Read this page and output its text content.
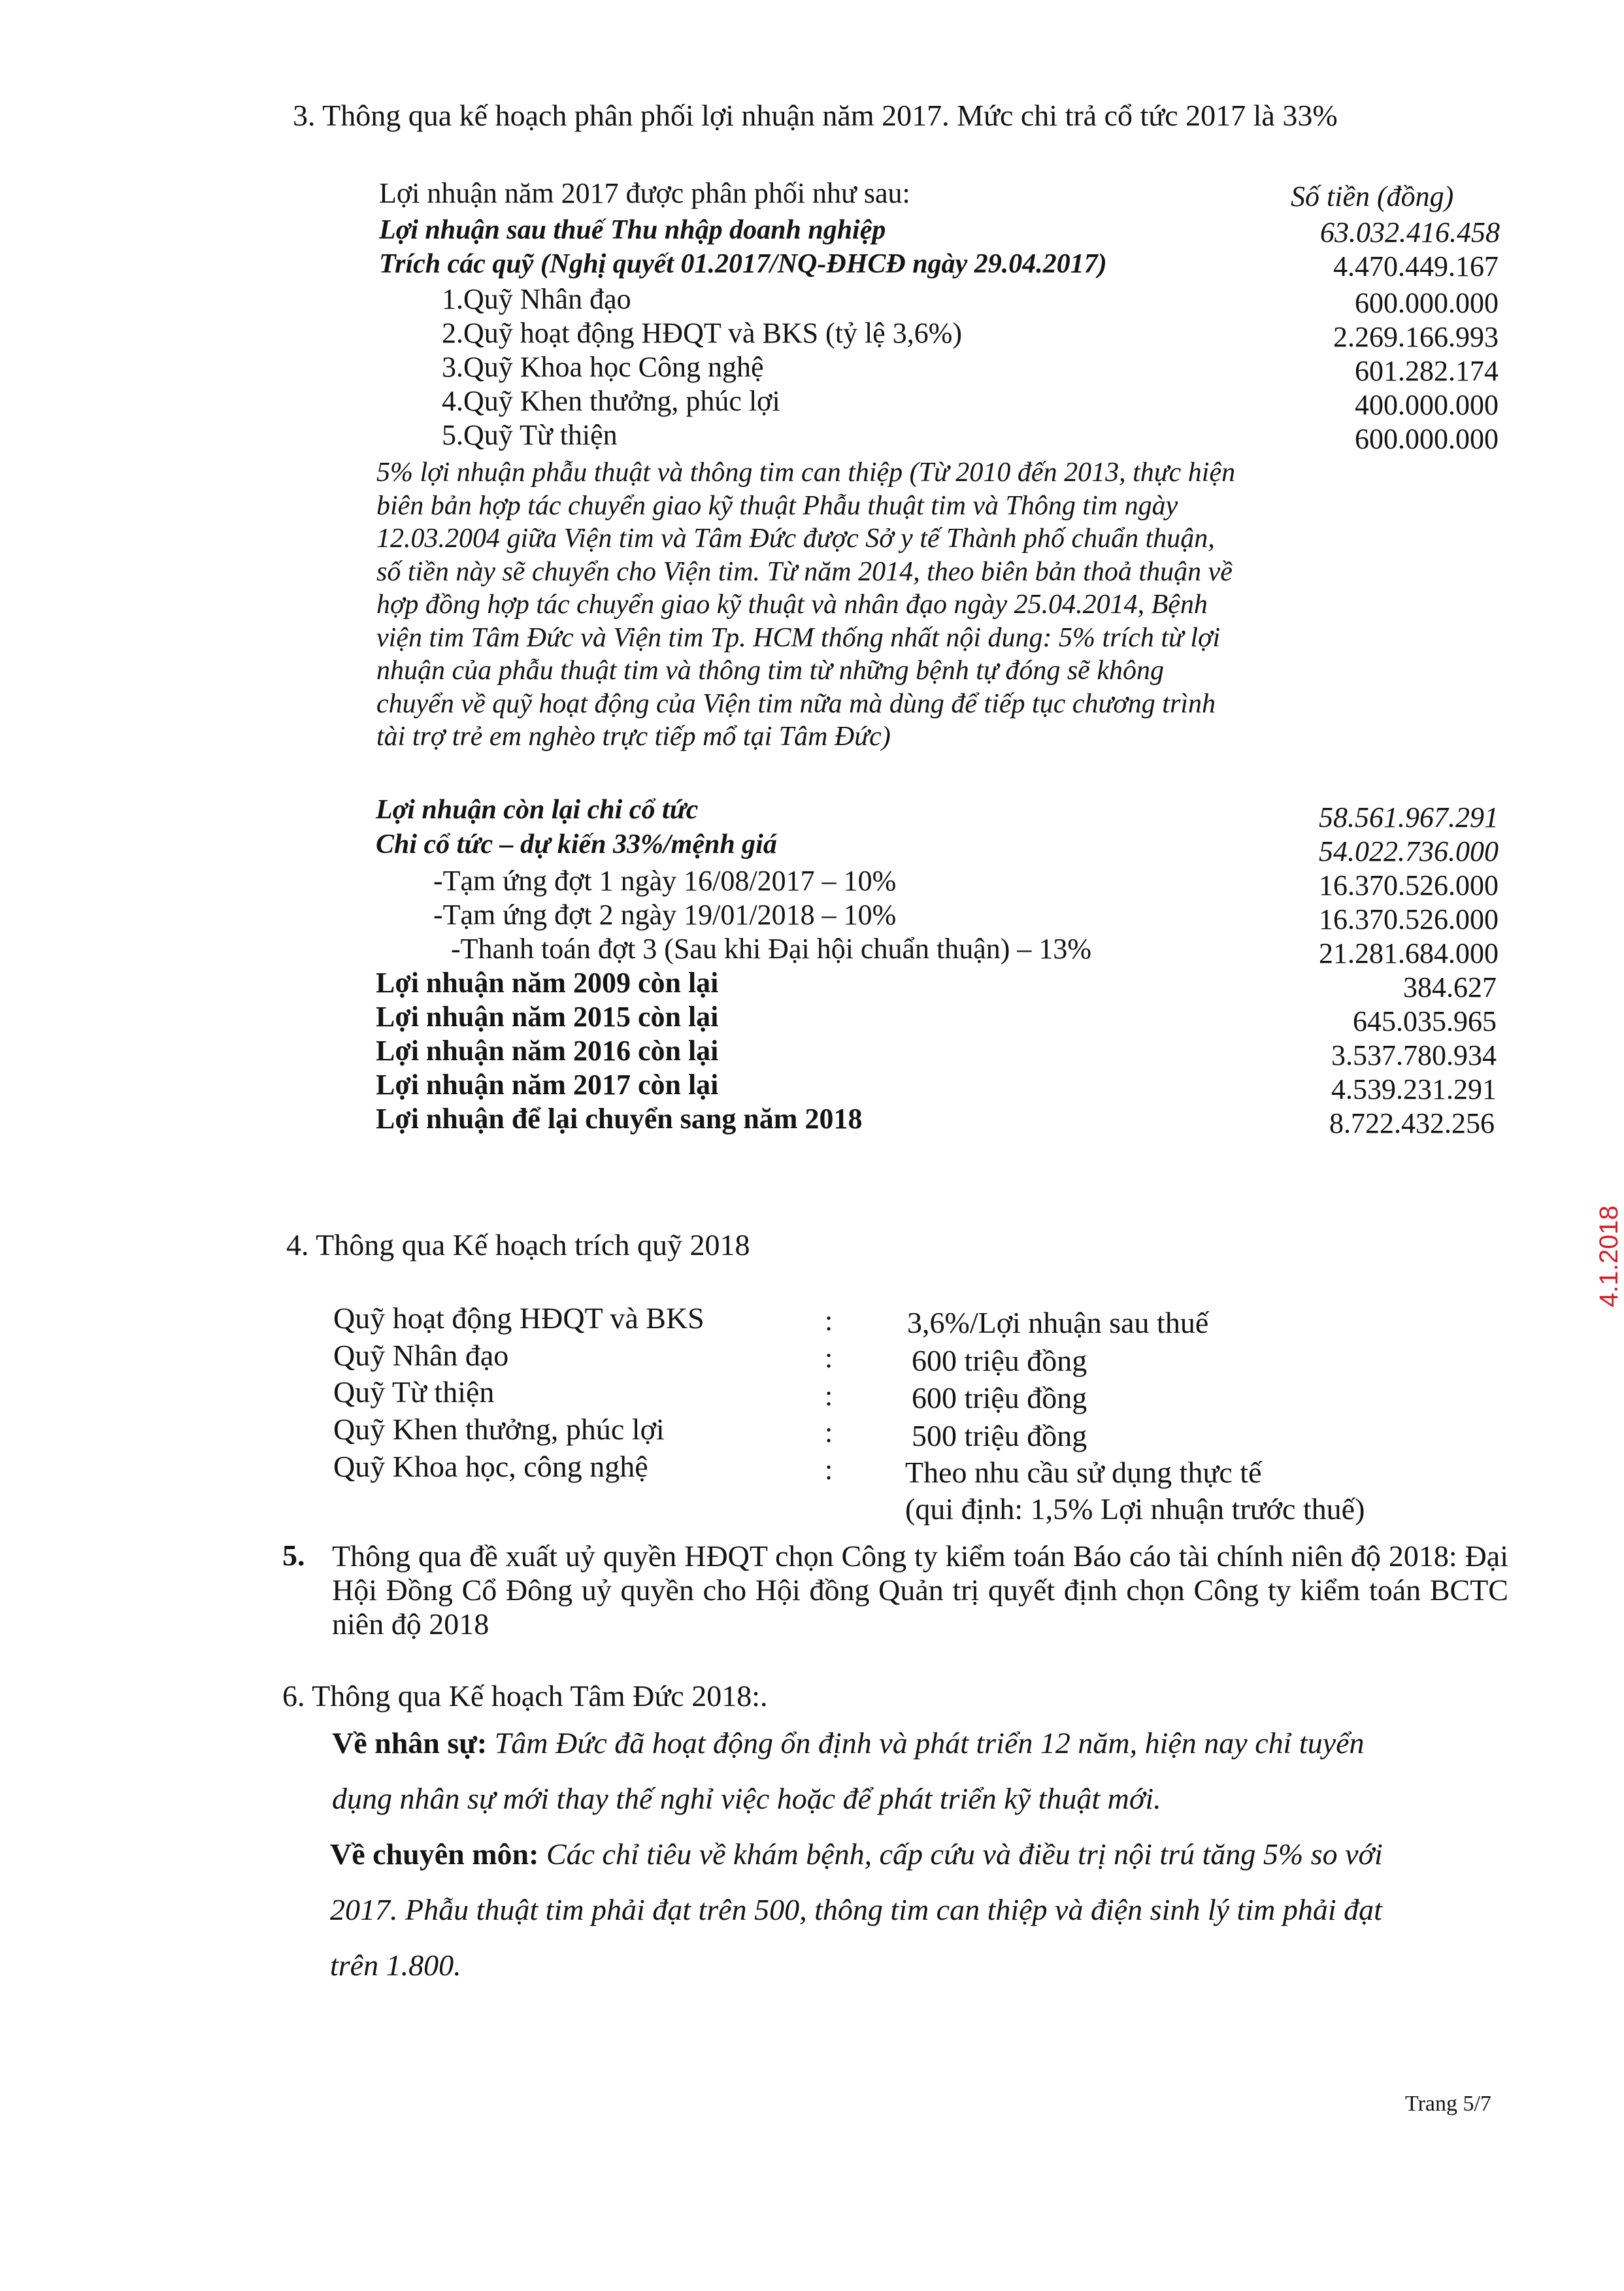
3. Thông qua kế hoạch phân phối lợi nhuận năm 2017. Mức chi trả cổ tức 2017 là 33%
Lợi nhuận năm 2017 được phân phối như sau:	Số tiền (đồng)
Lợi nhuận sau thuế Thu nhập doanh nghiệp	63.032.416.458
Trích các quỹ (Nghị quyết 01.2017/NQ-ĐHCĐ ngày 29.04.2017)	4.470.449.167
1.Quỹ Nhân đạo	600.000.000
2.Quỹ hoạt động HĐQT và BKS (tỷ lệ 3,6%)	2.269.166.993
3.Quỹ Khoa học Công nghệ	601.282.174
4.Quỹ Khen thưởng, phúc lợi	400.000.000
5.Quỹ Từ thiện	600.000.000
5% lợi nhuận phẫu thuật và thông tim can thiệp (Từ 2010 đến 2013, thực hiện biên bản hợp tác chuyển giao kỹ thuật Phẫu thuật tim và Thông tim ngày 12.03.2004 giữa Viện tim và Tâm Đức được Sở y tế Thành phố chuẩn thuận, số tiền này sẽ chuyển cho Viện tim. Từ năm 2014, theo biên bản thoả thuận về hợp đồng hợp tác chuyển giao kỹ thuật và nhân đạo ngày 25.04.2014, Bệnh viện tim Tâm Đức và Viện tim Tp. HCM thống nhất nội dung: 5% trích từ lợi nhuận của phẫu thuật tim và thông tim từ những bệnh tự đóng sẽ không chuyển về quỹ hoạt động của Viện tim nữa mà dùng để tiếp tục chương trình tài trợ trẻ em nghèo trực tiếp mổ tại Tâm Đức)
Lợi nhuận còn lại chi cổ tức	58.561.967.291
Chi cổ tức – dự kiến 33%/mệnh giá	54.022.736.000
-Tạm ứng đợt 1 ngày 16/08/2017 – 10%	16.370.526.000
-Tạm ứng đợt 2 ngày 19/01/2018 – 10%	16.370.526.000
-Thanh toán đợt 3 (Sau khi Đại hội chuẩn thuận) – 13%	21.281.684.000
Lợi nhuận năm 2009 còn lại	384.627
Lợi nhuận năm 2015 còn lại	645.035.965
Lợi nhuận năm 2016 còn lại	3.537.780.934
Lợi nhuận năm 2017 còn lại	4.539.231.291
Lợi nhuận để lại chuyển sang năm 2018	8.722.432.256
4. Thông qua Kế hoạch trích quỹ 2018
Quỹ hoạt động HĐQT và BKS	: 3,6%/Lợi nhuận sau thuế
Quỹ Nhân đạo	:	600 triệu đồng
Quỹ Từ thiện	:	600 triệu đồng
Quỹ Khen thưởng, phúc lợi	:	500 triệu đồng
Quỹ Khoa học, công nghệ	: Theo nhu cầu sử dụng thực tế
(qui định: 1,5% Lợi nhuận trước thuế)
5. Thông qua đề xuất uỷ quyền HĐQT chọn Công ty kiểm toán Báo cáo tài chính niên độ 2018: Đại Hội Đồng Cổ Đông uỷ quyền cho Hội đồng Quản trị quyết định chọn Công ty kiểm toán BCTC niên độ 2018
6. Thông qua Kế hoạch Tâm Đức 2018:.
Về nhân sự: Tâm Đức đã hoạt động ổn định và phát triển 12 năm, hiện nay chỉ tuyển
dụng nhân sự mới thay thế nghỉ việc hoặc để phát triển kỹ thuật mới.
Về chuyên môn: Các chỉ tiêu về khám bệnh, cấp cứu và điều trị nội trú tăng 5% so với
2017. Phẫu thuật tim phải đạt trên 500, thông tim can thiệp và điện sinh lý tim phải đạt
trên 1.800.
Trang 5/7
4.1.2018
